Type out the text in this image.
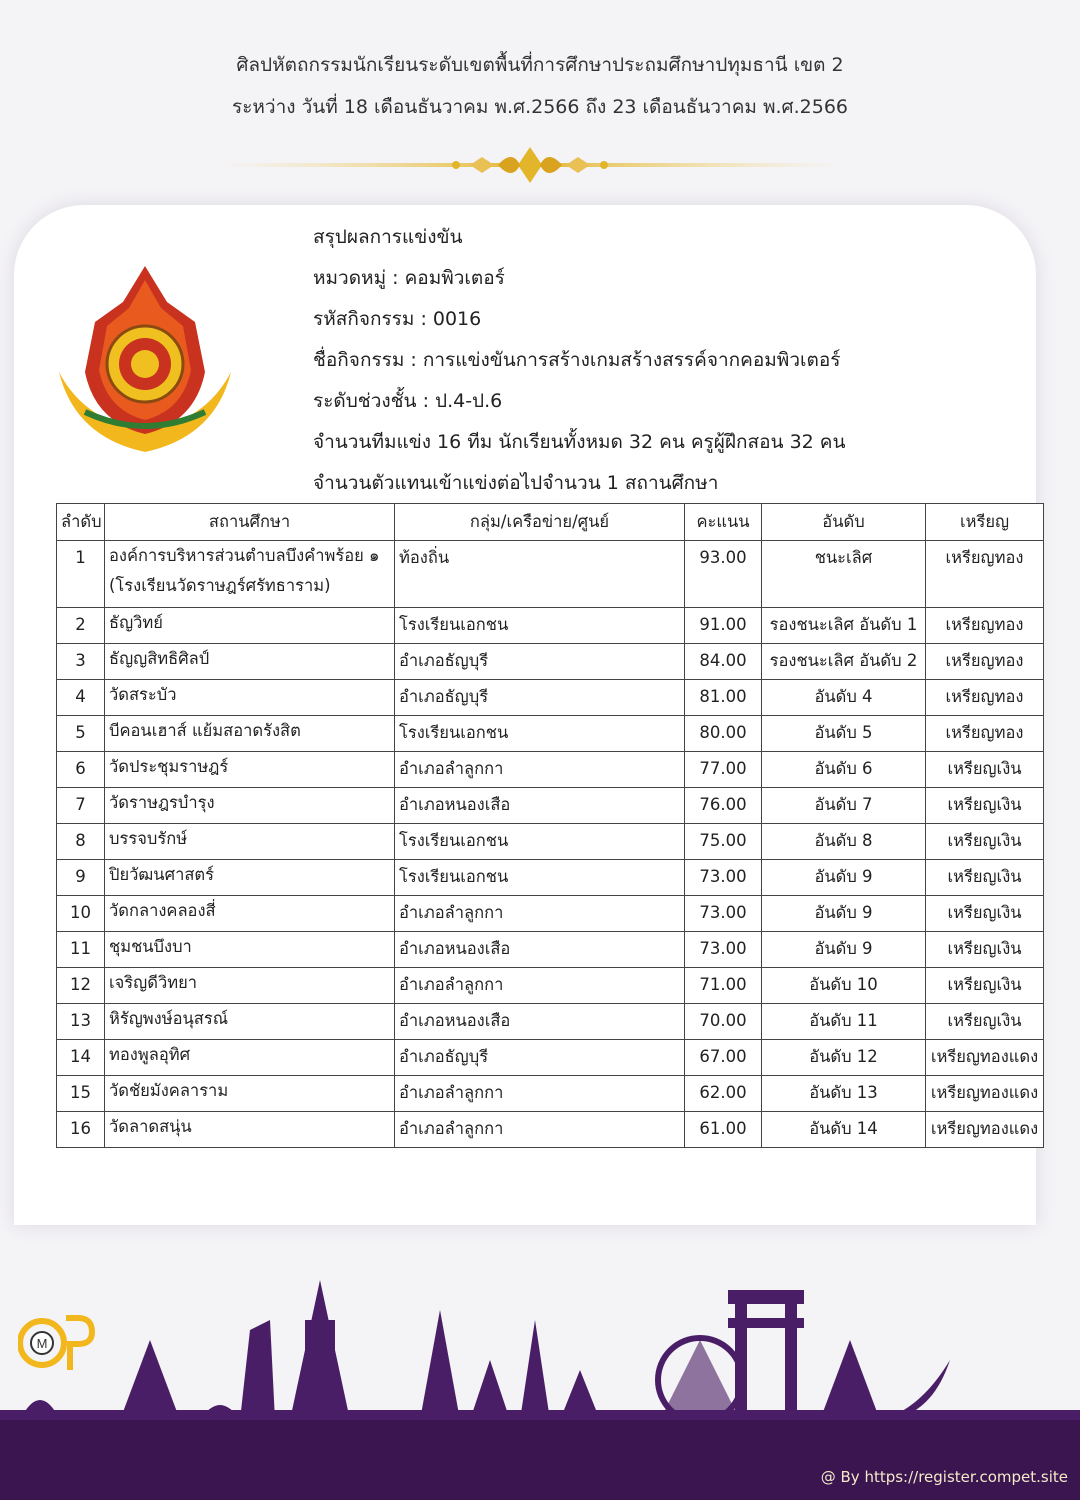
ศิลปหัตถกรรมนักเรียนระดับเขตพื้นที่การศึกษาประถมศึกษาปทุมธานี เขต 2
ระหว่าง วันที่ 18 เดือนธันวาคม พ.ศ.2566 ถึง 23 เดือนธันวาคม พ.ศ.2566
สรุปผลการแข่งขัน
หมวดหมู่ : คอมพิวเตอร์
รหัสกิจกรรม : 0016
ชื่อกิจกรรม : การแข่งขันการสร้างเกมสร้างสรรค์จากคอมพิวเตอร์
ระดับช่วงชั้น : ป.4-ป.6
จำนวนทีมแข่ง 16 ทีม นักเรียนทั้งหมด 32 คน ครูผู้ฝึกสอน 32 คน
จำนวนตัวแทนเข้าแข่งต่อไปจำนวน 1 สถานศึกษา
ลำดับ	สถานศึกษา	กลุ่ม/เครือข่าย/ศูนย์	คะแนน	อันดับ	เหรียญ
1	องค์การบริหารส่วนตำบลบึงคำพร้อย ๑ (โรงเรียนวัดราษฎร์ศรัทธาราม)	ท้องถิ่น	93.00	ชนะเลิศ	เหรียญทอง
2	ธัญวิทย์	โรงเรียนเอกชน	91.00	รองชนะเลิศ อันดับ 1	เหรียญทอง
3	ธัญญสิทธิศิลป์	อำเภอธัญบุรี	84.00	รองชนะเลิศ อันดับ 2	เหรียญทอง
4	วัดสระบัว	อำเภอธัญบุรี	81.00	อันดับ 4	เหรียญทอง
5	บีคอนเฮาส์ แย้มสอาดรังสิต	โรงเรียนเอกชน	80.00	อันดับ 5	เหรียญทอง
6	วัดประชุมราษฎร์	อำเภอลำลูกกา	77.00	อันดับ 6	เหรียญเงิน
7	วัดราษฎรบำรุง	อำเภอหนองเสือ	76.00	อันดับ 7	เหรียญเงิน
8	บรรจบรักษ์	โรงเรียนเอกชน	75.00	อันดับ 8	เหรียญเงิน
9	ปิยวัฒนศาสตร์	โรงเรียนเอกชน	73.00	อันดับ 9	เหรียญเงิน
10	วัดกลางคลองสี่	อำเภอลำลูกกา	73.00	อันดับ 9	เหรียญเงิน
11	ชุมชนบึงบา	อำเภอหนองเสือ	73.00	อันดับ 9	เหรียญเงิน
12	เจริญดีวิทยา	อำเภอลำลูกกา	71.00	อันดับ 10	เหรียญเงิน
13	หิรัญพงษ์อนุสรณ์	อำเภอหนองเสือ	70.00	อันดับ 11	เหรียญเงิน
14	ทองพูลอุทิศ	อำเภอธัญบุรี	67.00	อันดับ 12	เหรียญทองแดง
15	วัดชัยมังคลาราม	อำเภอลำลูกกา	62.00	อันดับ 13	เหรียญทองแดง
16	วัดลาดสนุ่น	อำเภอลำลูกกา	61.00	อันดับ 14	เหรียญทองแดง
@ By https://register.compet.site
M
